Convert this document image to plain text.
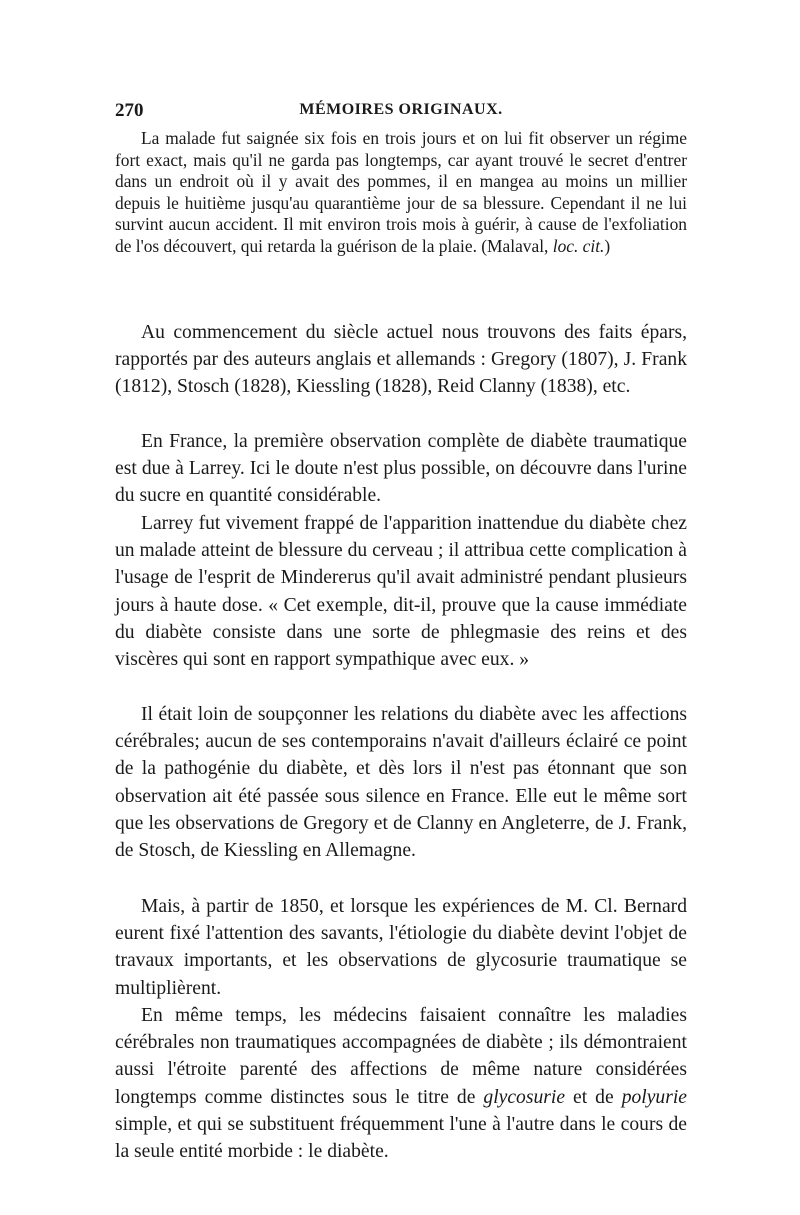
270	MÉMOIRES ORIGINAUX.

La malade fut saignée six fois en trois jours et on lui fit observer un régime fort exact, mais qu'il ne garda pas longtemps, car ayant trouvé le secret d'entrer dans un endroit où il y avait des pommes, il en mangea au moins un millier depuis le huitième jusqu'au quarantième jour de sa blessure. Cependant il ne lui survint aucun accident. Il mit environ trois mois à guérir, à cause de l'exfoliation de l'os découvert, qui retarda la guérison de la plaie. (Malaval, loc. cit.)

Au commencement du siècle actuel nous trouvons des faits épars, rapportés par des auteurs anglais et allemands : Gregory (1807), J. Frank (1812), Stosch (1828), Kiessling (1828), Reid Clanny (1838), etc.

En France, la première observation complète de diabète traumatique est due à Larrey. Ici le doute n'est plus possible, on découvre dans l'urine du sucre en quantité considérable.

Larrey fut vivement frappé de l'apparition inattendue du diabète chez un malade atteint de blessure du cerveau ; il attribua cette complication à l'usage de l'esprit de Mindererus qu'il avait administré pendant plusieurs jours à haute dose. « Cet exemple, dit-il, prouve que la cause immédiate du diabète consiste dans une sorte de phlegmasie des reins et des viscères qui sont en rapport sympathique avec eux. »

Il était loin de soupçonner les relations du diabète avec les affections cérébrales; aucun de ses contemporains n'avait d'ailleurs éclairé ce point de la pathogénie du diabète, et dès lors il n'est pas étonnant que son observation ait été passée sous silence en France. Elle eut le même sort que les observations de Gregory et de Clanny en Angleterre, de J. Frank, de Stosch, de Kiessling en Allemagne.

Mais, à partir de 1850, et lorsque les expériences de M. Cl. Bernard eurent fixé l'attention des savants, l'étiologie du diabète devint l'objet de travaux importants, et les observations de glycosurie traumatique se multiplièrent.

En même temps, les médecins faisaient connaître les maladies cérébrales non traumatiques accompagnées de diabète ; ils démontraient aussi l'étroite parenté des affections de même nature considérées longtemps comme distinctes sous le titre de glycosurie et de polyurie simple, et qui se substituent fréquemment l'une à l'autre dans le cours de la seule entité morbide : le diabète.
